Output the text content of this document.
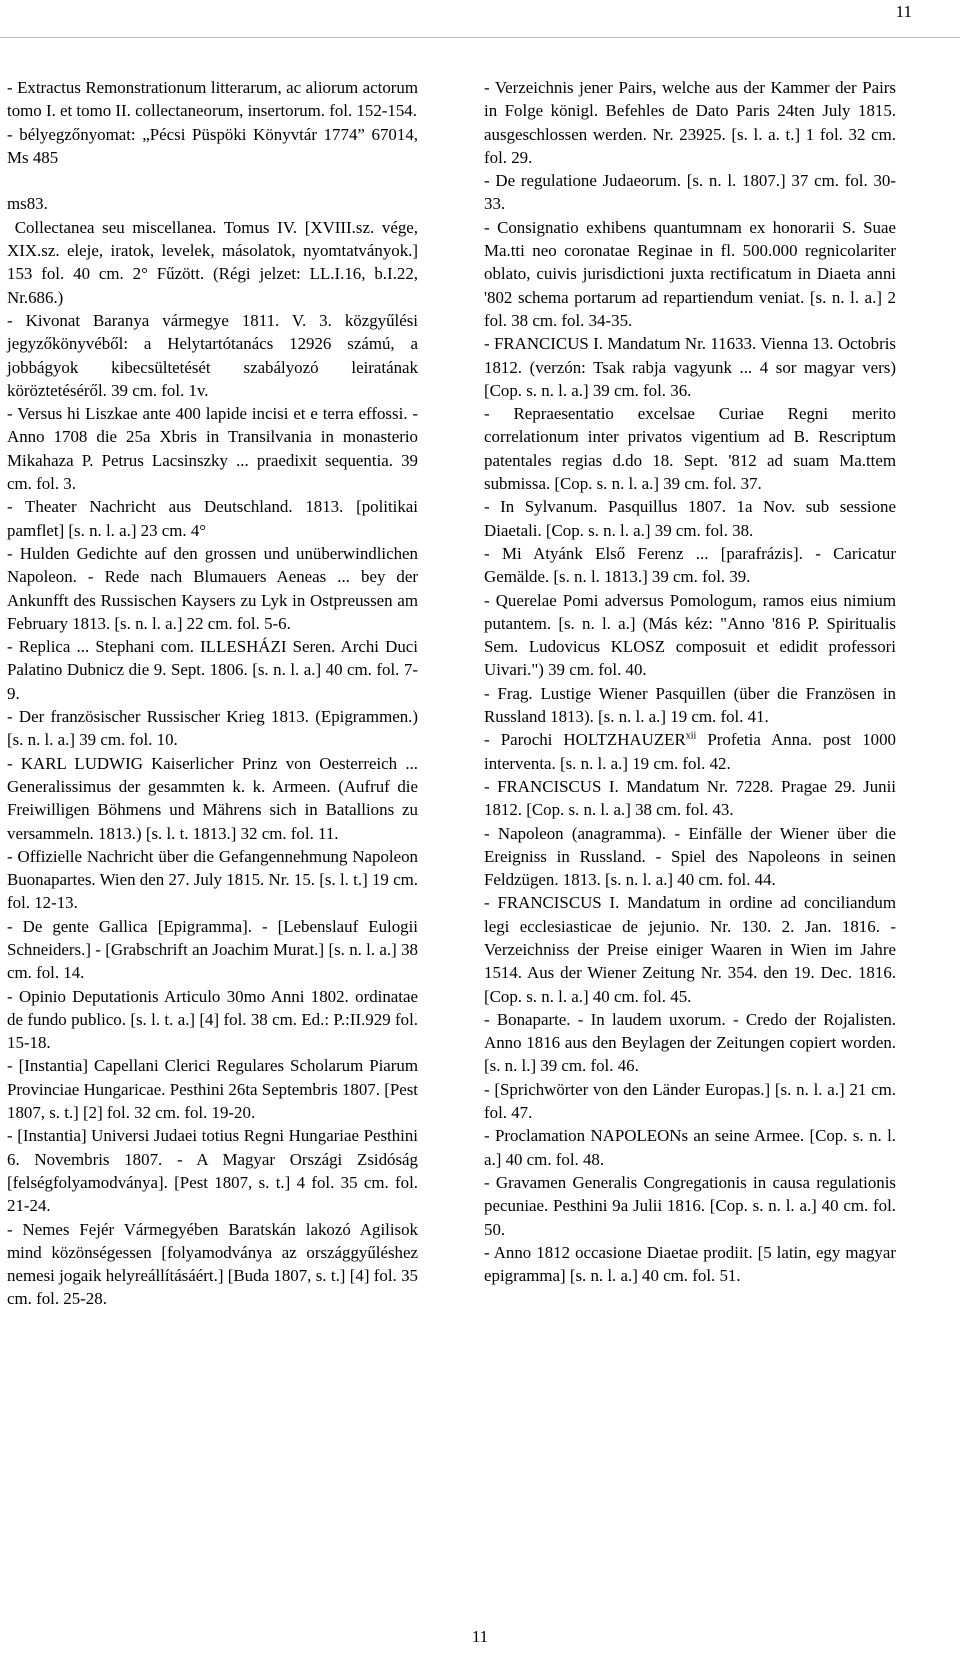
11

- Extractus Remonstrationum litterarum, ac aliorum actorum tomo I. et tomo II. collectaneorum, insertorum. fol. 152-154.

- bélyegzőnyomat: „Pécsi Püspöki Könyvtár 1774” 67014, Ms 485

ms83.

Collectanea seu miscellanea. Tomus IV. [XVIII.sz. vége, XIX.sz. eleje, iratok, levelek, másolatok, nyomtatványok.] 153 fol. 40 cm. 2° Fűzött. (Régi jelzet: LL.I.16, b.I.22, Nr.686.)

- Kivonat Baranya vármegye 1811. V. 3. közgyűlési jegyzőkönyvéből: a Helytartótanács 12926 számú, a jobbágyok kibecsültetését szabályozó leiratának köröztetéséről. 39 cm. fol. 1v.

- Versus hi Liszkae ante 400 lapide incisi et e terra effossi. - Anno 1708 die 25a Xbris in Transilvania in monasterio Mikahaza P. Petrus Lacsinszky ... praedixit sequentia. 39 cm. fol. 3.

- Theater Nachricht aus Deutschland. 1813. [politikai pamflet] [s. n. l. a.] 23 cm. 4°

- Hulden Gedichte auf den grossen und unüberwindlichen Napoleon. - Rede nach Blumauers Aeneas ... bey der Ankunfft des Russischen Kaysers zu Lyk in Ostpreussen am February 1813. [s. n. l. a.] 22 cm. fol. 5-6.

- Replica ... Stephani com. ILLESHÁZI Seren. Archi Duci Palatino Dubnicz die 9. Sept. 1806. [s. n. l. a.] 40 cm. fol. 7-9.

- Der französischer Russischer Krieg 1813. (Epigrammen.) [s. n. l. a.] 39 cm. fol. 10.

- KARL LUDWIG Kaiserlicher Prinz von Oesterreich ... Generalissimus der gesammten k. k. Armeen. (Aufruf die Freiwilligen Böhmens und Mährens sich in Batallions zu versammeln. 1813.) [s. l. t. 1813.] 32 cm. fol. 11.

- Offizielle Nachricht über die Gefangennehmung Napoleon Buonapartes. Wien den 27. July 1815. Nr. 15. [s. l. t.] 19 cm. fol. 12-13.

- De gente Gallica [Epigramma]. - [Lebenslauf Eulogii Schneiders.] - [Grabschrift an Joachim Murat.] [s. n. l. a.] 38 cm. fol. 14.

- Opinio Deputationis Articulo 30mo Anni 1802. ordinatae de fundo publico. [s. l. t. a.] [4] fol. 38 cm. Ed.: P.:II.929 fol. 15-18.

- [Instantia] Capellani Clerici Regulares Scholarum Piarum Provinciae Hungaricae. Pesthini 26ta Septembris 1807. [Pest 1807, s. t.] [2] fol. 32 cm. fol. 19-20.

- [Instantia] Universi Judaei totius Regni Hungariae Pesthini 6. Novembris 1807. - A Magyar Országi Zsidóság [felségfolyamodványa]. [Pest 1807, s. t.] 4 fol. 35 cm. fol. 21-24.

- Nemes Fejér Vármegyében Baratskán lakozó Agilisok mind közönségessen [folyamodványa az országgyűléshez nemesi jogaik helyreállításáért.] [Buda 1807, s. t.] [4] fol. 35 cm. fol. 25-28.

- Verzeichnis jener Pairs, welche aus der Kammer der Pairs in Folge königl. Befehles de Dato Paris 24ten July 1815. ausgeschlossen werden. Nr. 23925. [s. l. a. t.] 1 fol. 32 cm. fol. 29.

- De regulatione Judaeorum. [s. n. l. 1807.] 37 cm. fol. 30-33.

- Consignatio exhibens quantumnam ex honorarii S. Suae Ma.tti neo coronatae Reginae in fl. 500.000 regnicolariter oblato, cuivis jurisdictioni juxta rectificatum in Diaeta anni '802 schema portarum ad repartiendum veniat. [s. n. l. a.] 2 fol. 38 cm. fol. 34-35.

- FRANCICUS I. Mandatum Nr. 11633. Vienna 13. Octobris 1812. (verzón: Tsak rabja vagyunk ... 4 sor magyar vers) [Cop. s. n. l. a.] 39 cm. fol. 36.

- Repraesentatio excelsae Curiae Regni merito correlationum inter privatos vigentium ad B. Rescriptum patentales regias d.do 18. Sept. '812 ad suam Ma.ttem submissa. [Cop. s. n. l. a.] 39 cm. fol. 37.

- In Sylvanum. Pasquillus 1807. 1a Nov. sub sessione Diaetali. [Cop. s. n. l. a.] 39 cm. fol. 38.

- Mi Atyánk Első Ferenz ... [parafrázis]. - Caricatur Gemälde. [s. n. l. 1813.] 39 cm. fol. 39.

- Querelae Pomi adversus Pomologum, ramos eius nimium putantem. [s. n. l. a.] (Más kéz: "Anno '816 P. Spiritualis Sem. Ludovicus KLOSZ composuit et edidit professori Uivari.") 39 cm. fol. 40.

- Frag. Lustige Wiener Pasquillen (über die Französen in Russland 1813). [s. n. l. a.] 19 cm. fol. 41.

- Parochi HOLTZHAUZER$^{xii}$ Profetia Anna. post 1000 interventa. [s. n. l. a.] 19 cm. fol. 42.

- FRANCISCUS I. Mandatum Nr. 7228. Pragae 29. Junii 1812. [Cop. s. n. l. a.] 38 cm. fol. 43.

- Napoleon (anagramma). - Einfälle der Wiener über die Ereigniss in Russland. - Spiel des Napoleons in seinen Feldzügen. 1813. [s. n. l. a.] 40 cm. fol. 44.

- FRANCISCUS I. Mandatum in ordine ad conciliandum legi ecclesiasticae de jejunio. Nr. 130. 2. Jan. 1816. - Verzeichniss der Preise einiger Waaren in Wien im Jahre 1514. Aus der Wiener Zeitung Nr. 354. den 19. Dec. 1816. [Cop. s. n. l. a.] 40 cm. fol. 45.

- Bonaparte. - In laudem uxorum. - Credo der Rojalisten. Anno 1816 aus den Beylagen der Zeitungen copiert worden. [s. n. l.] 39 cm. fol. 46.

- [Sprichwörter von den Länder Europas.] [s. n. l. a.] 21 cm. fol. 47.

- Proclamation NAPOLEONs an seine Armee. [Cop. s. n. l. a.] 40 cm. fol. 48.

- Gravamen Generalis Congregationis in causa regulationis pecuniae. Pesthini 9a Julii 1816. [Cop. s. n. l. a.] 40 cm. fol. 50.

- Anno 1812 occasione Diaetae prodiit. [5 latin, egy magyar epigramma] [s. n. l. a.] 40 cm. fol. 51.

11
